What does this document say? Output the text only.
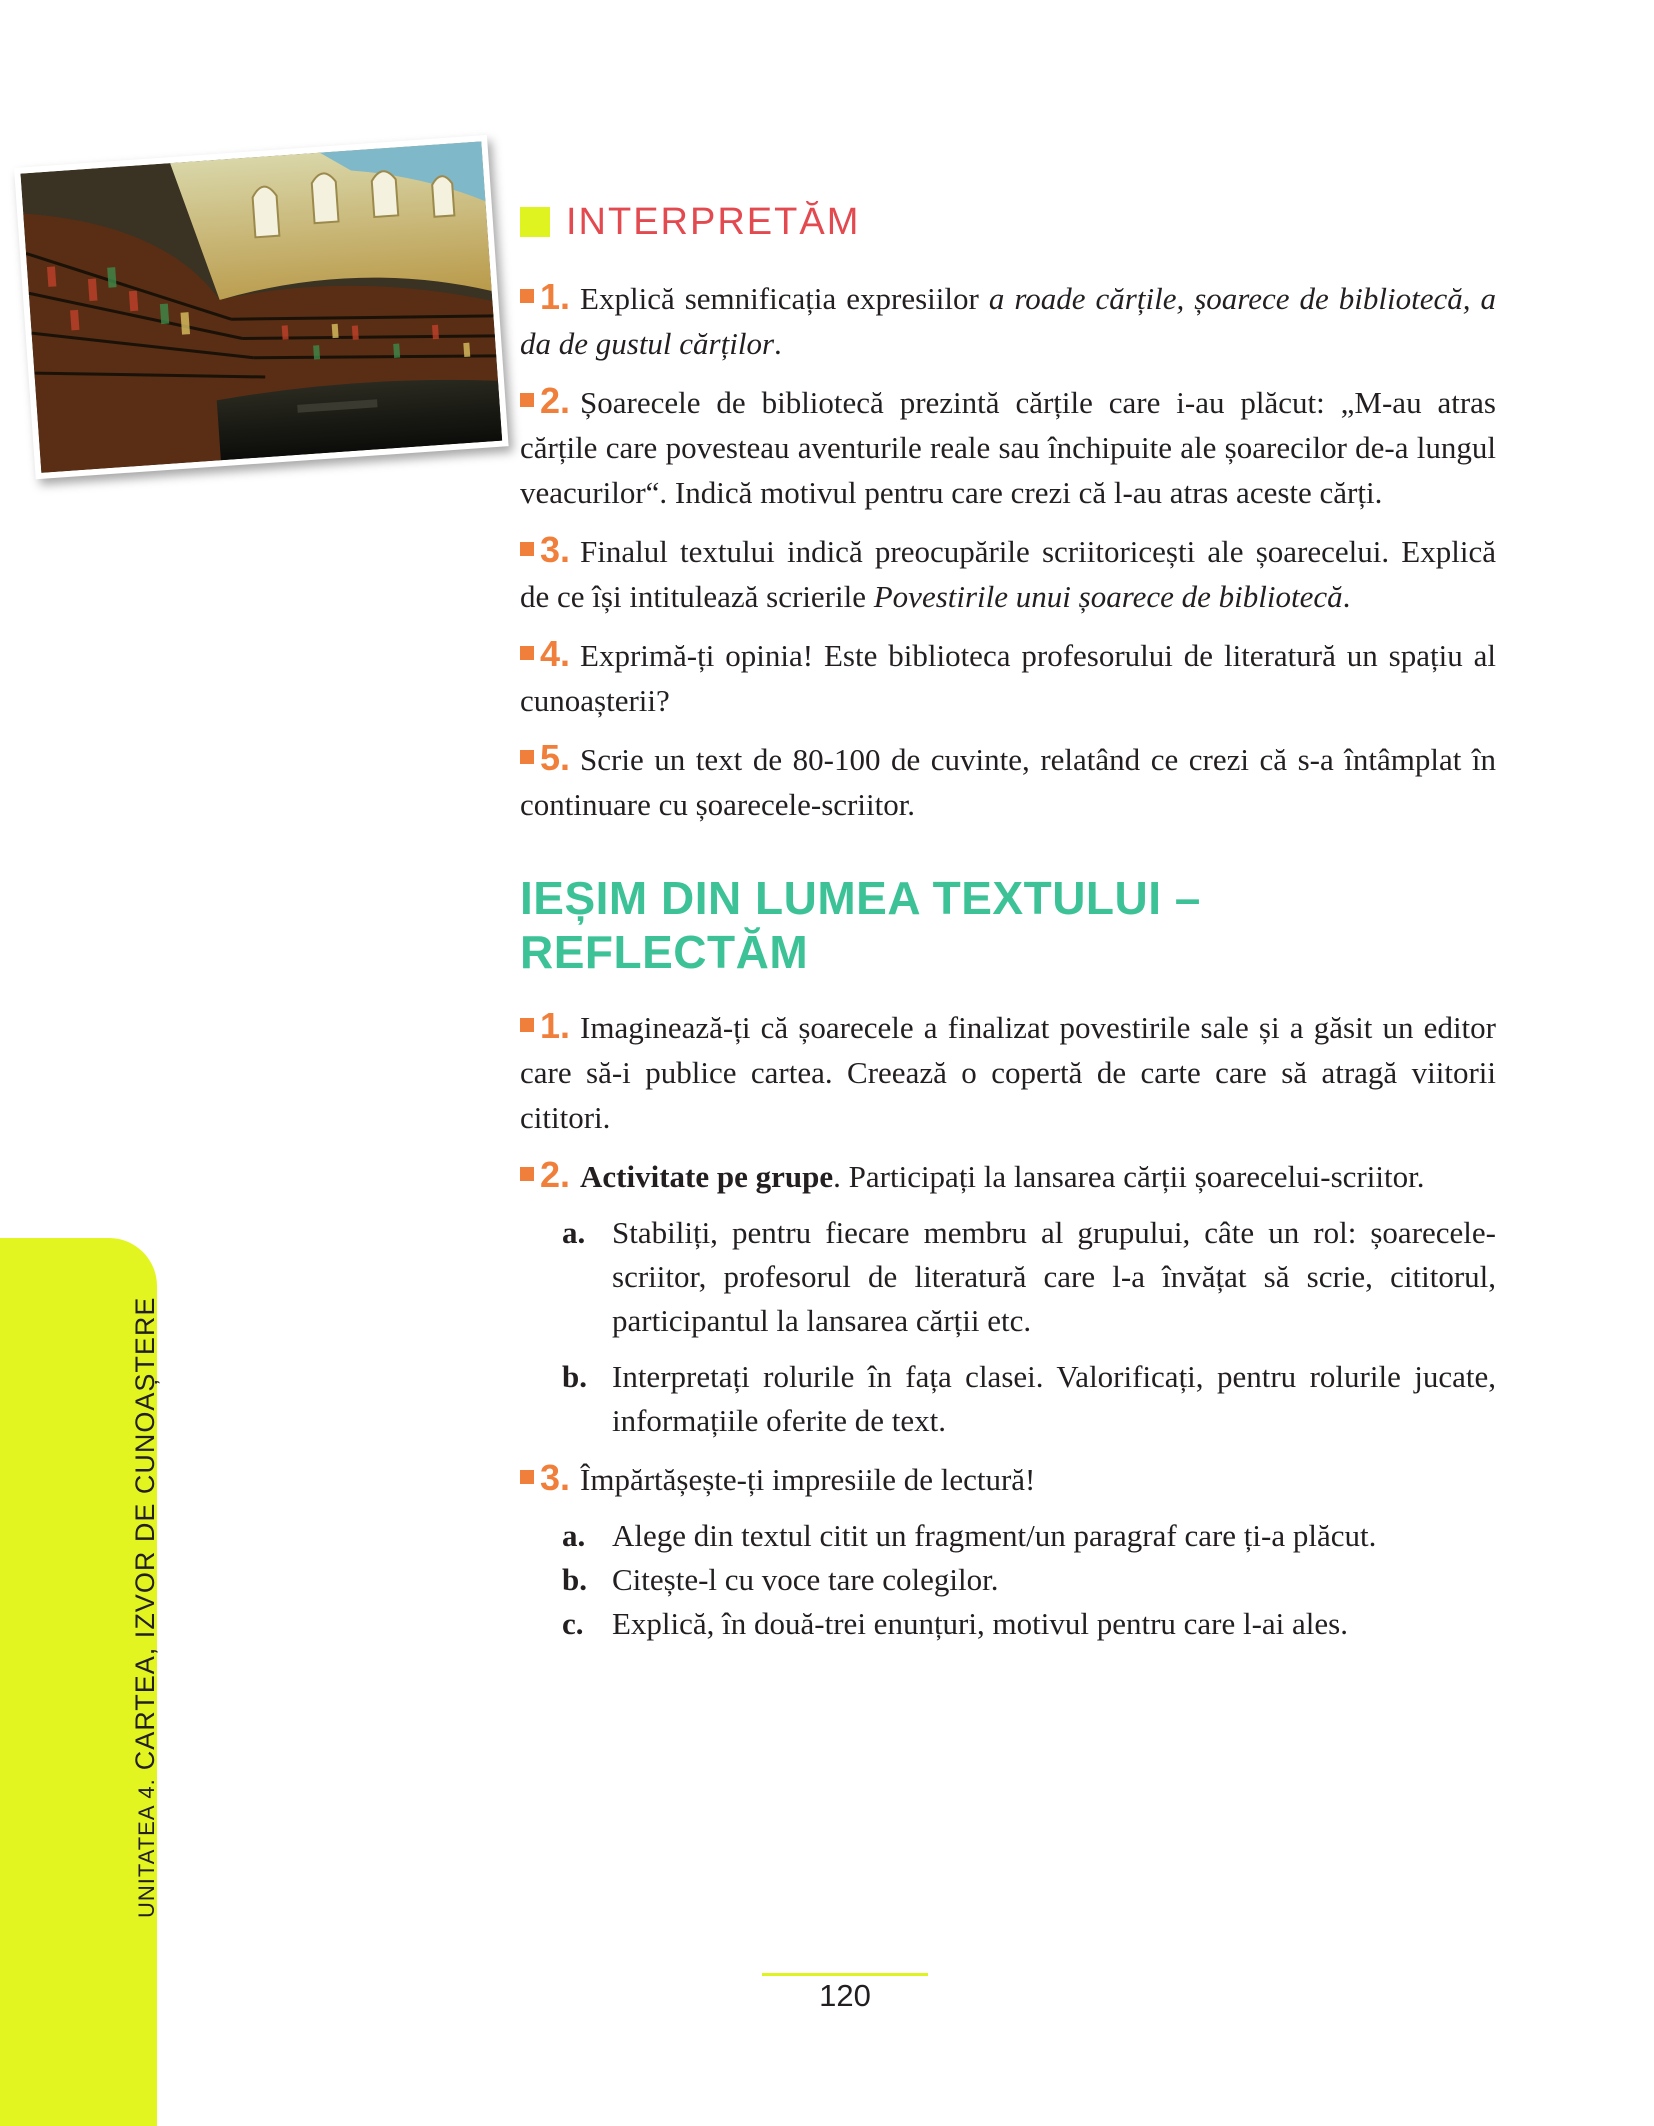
UNITATEA 4.CARTEA, IZVOR DE CUNOAȘTERE
INTERPRETĂM
1. Explică semnificația expresiilor a roade cărțile, șoarece de bibliotecă, a da de gustul cărților.
2. Șoarecele de bibliotecă prezintă cărțile care i-au plăcut: „M-au atras cărțile care povesteau aventurile reale sau închipuite ale șoarecilor de-a lungul veacurilor“. Indică motivul pentru care crezi că l-au atras aceste cărți.
3. Finalul textului indică preocupările scriitoricești ale șoarecelui. Explică de ce își intitulează scrierile Povestirile unui șoarece de bibliotecă.
4. Exprimă-ți opinia! Este biblioteca profesorului de literatură un spațiu al cunoașterii?
5. Scrie un text de 80-100 de cuvinte, relatând ce crezi că s-a întâmplat în continuare cu șoarecele-scriitor.
IEȘIM DIN LUMEA TEXTULUI – REFLECTĂM
1. Imaginează-ți că șoarecele a finalizat povestirile sale și a găsit un editor care să-i publice cartea. Creează o copertă de carte care să atragă viitorii cititori.
2. Activitate pe grupe. Participați la lansarea cărții șoarecelui-scriitor.
a. Stabiliți, pentru fiecare membru al grupului, câte un rol: șoarecele-scriitor, profesorul de literatură care l-a învățat să scrie, cititorul, participantul la lansarea cărții etc.
b. Interpretați rolurile în fața clasei. Valorificați, pentru rolurile jucate, informațiile oferite de text.
3. Împărtășește-ți impresiile de lectură!
a. Alege din textul citit un fragment/un paragraf care ți-a plăcut.
b. Citește-l cu voce tare colegilor.
c. Explică, în două-trei enunțuri, motivul pentru care l-ai ales.
120
